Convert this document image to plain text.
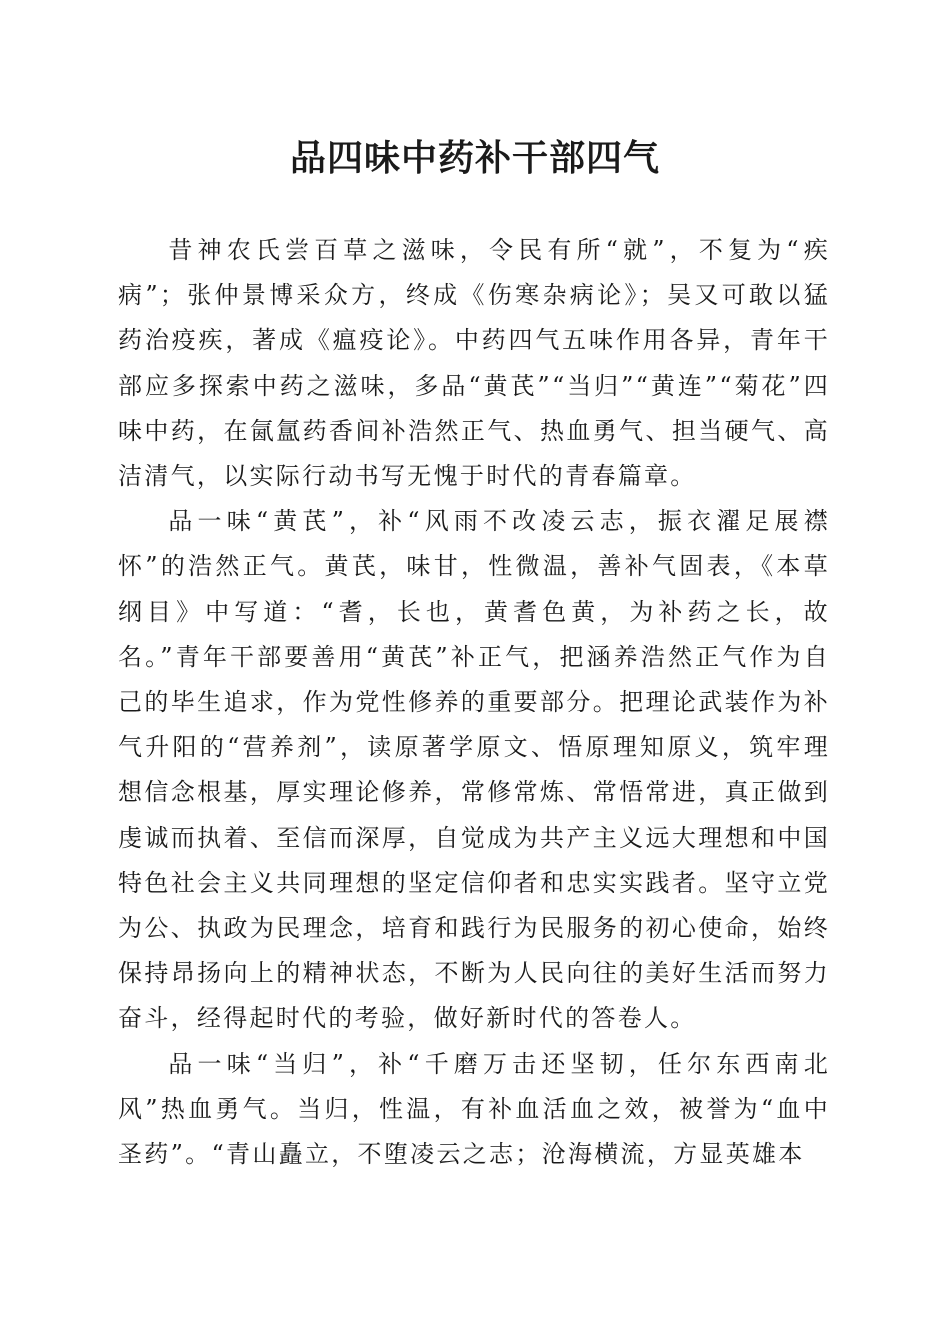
品四味中药补干部四气

昔神农氏尝百草之滋味，令民有所“就”，不复为“疾病”；张仲景博采众方，终成《伤寒杂病论》；吴又可敢以猛药治疫疾，著成《瘟疫论》。中药四气五味作用各异，青年干部应多探索中药之滋味，多品“黄芪”“当归”“黄连”“菊花”四味中药，在氤氲药香间补浩然正气、热血勇气、担当硬气、高洁清气，以实际行动书写无愧于时代的青春篇章。

品一味“黄芪”，补“风雨不改凌云志，振衣濯足展襟怀”的浩然正气。黄芪，味甘，性微温，善补气固表，《本草纲目》中写道：“耆，长也，黄耆色黄，为补药之长，故名。”青年干部要善用“黄芪”补正气，把涵养浩然正气作为自己的毕生追求，作为党性修养的重要部分。把理论武装作为补气升阳的“营养剂”，读原著学原文、悟原理知原义，筑牢理想信念根基，厚实理论修养，常修常炼、常悟常进，真正做到虔诚而执着、至信而深厚，自觉成为共产主义远大理想和中国特色社会主义共同理想的坚定信仰者和忠实实践者。坚守立党为公、执政为民理念，培育和践行为民服务的初心使命，始终保持昂扬向上的精神状态，不断为人民向往的美好生活而努力奋斗，经得起时代的考验，做好新时代的答卷人。

品一味“当归”，补“千磨万击还坚韧，任尔东西南北风”热血勇气。当归，性温，有补血活血之效，被誉为“血中圣药”。“青山矗立，不堕凌云之志；沧海横流，方显英雄本
